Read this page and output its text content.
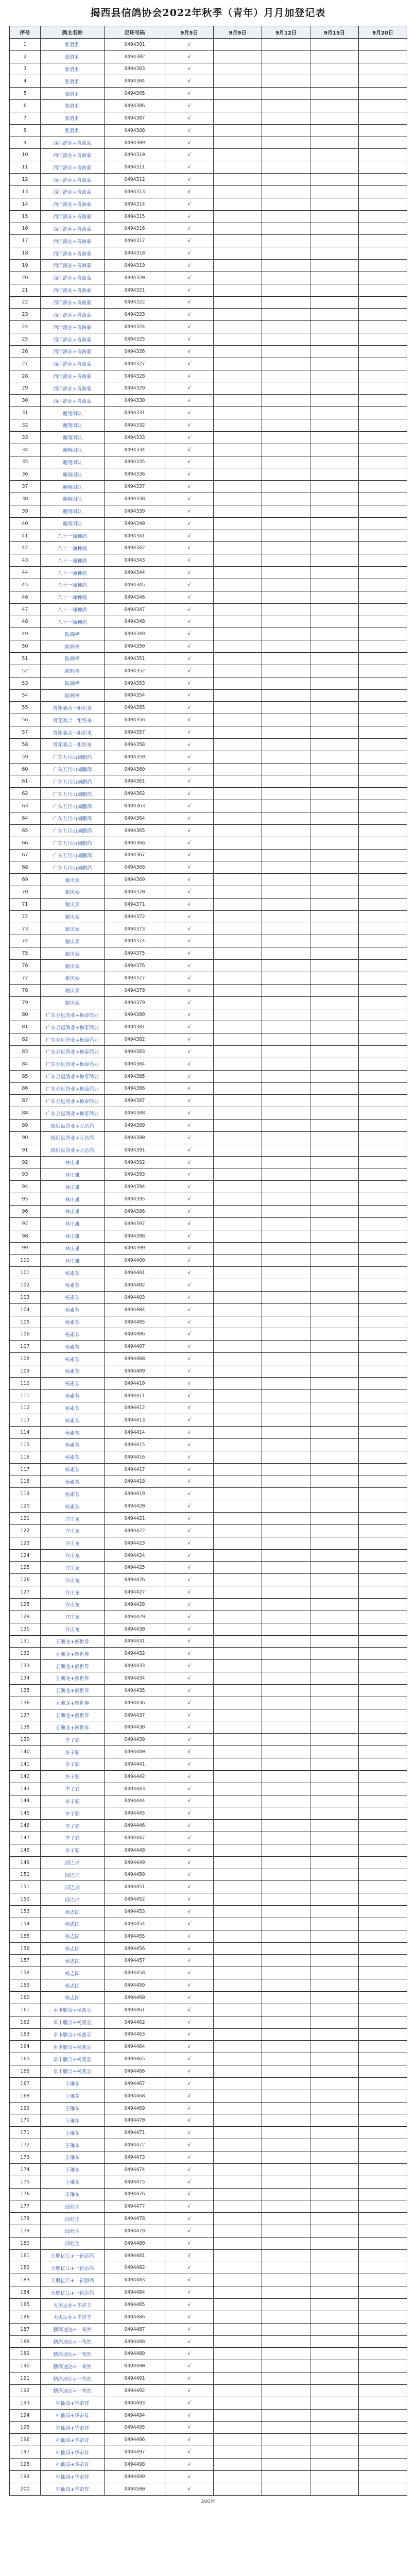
揭西县信鸽协会2022年秋季（青年）月月加登记表
序号	鸽主名称	足环号码	9月5日	9月9日	9月12日	9月15日	9月20日
1	张胜利	0494301	√				
2	张胜利	0494302	√				
3	张胜利	0494303	√				
4	张胜利	0494304	√				
5	张胜利	0494305	√				
6	张胜利	0494306	√				
7	张胜利	0494307	√				
8	张胜利	0494308	√				
9	西河鸽业+青海蒙	0494309	√				
10	西河鸽业+青海蒙	0494310	√				
11	西河鸽业+青海蒙	0494311	√				
12	西河鸽业+青海蒙	0494312	√				
13	西河鸽业+青海蒙	0494313	√				
14	西河鸽业+青海蒙	0494314	√				
15	西河鸽业+青海蒙	0494315	√				
16	西河鸽业+青海蒙	0494316	√				
17	西河鸽业+青海蒙	0494317	√				
18	西河鸽业+青海蒙	0494318	√				
19	西河鸽业+青海蒙	0494319	√				
20	西河鸽业+青海蒙	0494320	√				
21	西河鸽业+青海蒙	0494321	√				
22	西河鸽业+青海蒙	0494322	√				
23	西河鸽业+青海蒙	0494323	√				
24	西河鸽业+青海蒙	0494324	√				
25	西河鸽业+青海蒙	0494325	√				
26	西河鸽业+青海蒙	0494326	√				
27	西河鸽业+青海蒙	0494327	√				
28	西河鸽业+青海蒙	0494328	√				
29	西河鸽业+青海蒙	0494329	√				
30	西河鸽业+青海蒙	0494330	√				
31	翱翔团队	0494331	√				
32	翱翔团队	0494332	√				
33	翱翔团队	0494333	√				
34	翱翔团队	0494334	√				
35	翱翔团队	0494335	√				
36	翱翔团队	0494336	√				
37	翱翔团队	0494337	√				
38	翱翔团队	0494338	√				
39	翱翔团队	0494339	√				
40	翱翔团队	0494340	√				
41	八十一师种鸽	0494341	√				
42	八十一师种鸽	0494342	√				
43	八十一师种鸽	0494343	√				
44	八十一师种鸽	0494344	√				
45	八十一师种鸽	0494345	√				
46	八十一师种鸽	0494346	√				
47	八十一师种鸽	0494347	√				
48	八十一师种鸽	0494348	√				
49	陈辉栖	0494349	√				
50	陈辉栖	0494350	√				
51	陈辉栖	0494351	√				
52	陈辉栖	0494352	√				
53	陈辉栖	0494353	√				
54	陈辉栖	0494354	√				
55	赏翔赛合一组织来	0494355	√				
56	赏翔赛合一组织来	0494356	√				
57	赏翔赛合一组织来	0494357	√				
58	赏翔赛合一组织来	0494358	√				
59	广东五月山饲鹏鸽	0494359	√				
60	广东五月山饲鹏鸽	0494360	√				
61	广东五月山饲鹏鸽	0494361	√				
62	广东五月山饲鹏鸽	0494362	√				
63	广东五月山饲鹏鸽	0494363	√				
64	广东五月山饲鹏鸽	0494364	√				
65	广东五月山饲鹏鸽	0494365	√				
66	广东五月山饲鹏鸽	0494366	√				
67	广东五月山饲鹏鸽	0494367	√				
68	广东五月山饲鹏鸽	0494368	√				
69	谢庆泰	0494369	√				
70	谢庆泰	0494370	√				
71	谢庆泰	0494371	√				
72	谢庆泰	0494372	√				
73	谢庆泰	0494373	√				
74	谢庆泰	0494374	√				
75	谢庆泰	0494375	√				
76	谢庆泰	0494376	√				
77	谢庆泰	0494377	√				
78	谢庆泰	0494378	√				
79	谢庆泰	0494379	√				
80	广东金远鸽业+梅泰鸽业	0494380	√				
81	广东金远鸽业+梅泰鸽业	0494381	√				
82	广东金远鸽业+梅泰鸽业	0494382	√				
83	广东金远鸽业+梅泰鸽业	0494383	√				
84	广东金远鸽业+梅泰鸽业	0494384	√				
85	广东金远鸽业+梅泰鸽业	0494385	√				
86	广东金远鸽业+梅泰鸽业	0494386	√				
87	广东金远鸽业+梅泰鸽业	0494387	√				
88	广东金远鸽业+梅泰鸽业	0494388	√				
89	揭阳县鸽业+万达鸽	0494389	√				
90	揭阳县鸽业+万达鸽	0494390	√				
91	揭阳县鸽业+万达鸽	0494391	√				
92	林庄雄	0494392	√				
93	林庄雄	0494393	√				
94	林庄雄	0494394	√				
95	林庄雄	0494395	√				
96	林庄雄	0494396	√				
97	林庄雄	0494397	√				
98	林庄雄	0494398	√				
99	林庄雄	0494399	√				
100	林庄雄	0494400	√				
101	杨素芳	0494401	√				
102	杨素芳	0494402	√				
103	杨素芳	0494403	√				
104	杨素芳	0494404	√				
105	杨素芳	0494405	√				
106	杨素芳	0494406	√				
107	杨素芳	0494407	√				
108	杨素芳	0494408	√				
109	杨素芳	0494409	√				
110	杨素芳	0494410	√				
111	杨素芳	0494411	√				
112	杨素芳	0494412	√				
113	杨素芳	0494413	√				
114	杨素芳	0494414	√				
115	杨素芳	0494415	√				
116	杨素芳	0494416	√				
117	杨素芳	0494417	√				
118	杨素芳	0494418	√				
119	杨素芳	0494419	√				
120	杨素芳	0494420	√				
121	许庄龙	0494421	√				
122	许庄龙	0494422	√				
123	许庄龙	0494423	√				
124	许庄龙	0494424	√				
125	许庄龙	0494425	√				
126	许庄龙	0494426	√				
127	许庄龙	0494427	√				
128	许庄龙	0494428	√				
129	许庄龙	0494429	√				
130	许庄龙	0494430	√				
131	五洲龙+新世界	0494431	√				
132	五洲龙+新世界	0494432	√				
133	五洲龙+新世界	0494433	√				
134	五洲龙+新世界	0494434	√				
135	五洲龙+新世界	0494435	√				
136	五洲龙+新世界	0494436	√				
137	五洲龙+新世界	0494437	√				
138	五洲龙+新世界	0494438	√				
139	李子彩	0494439	√				
140	李子彩	0494440	√				
141	李子彩	0494441	√				
142	李子彩	0494442	√				
143	李子彩	0494443	√				
144	李子彩	0494444	√				
145	李子彩	0494445	√				
146	李子彩	0494446	√				
147	李子彩	0494447	√				
148	李子彩	0494448	√				
149	邱巴兴	0494449	√				
150	邱巴兴	0494450	√				
151	邱巴兴	0494451	√				
152	邱巴兴	0494452	√				
153	杨志国	0494453	√				
154	杨志国	0494454	√				
155	杨志国	0494455	√				
156	杨志国	0494456	√				
157	杨志国	0494457	√				
158	杨志国	0494458	√				
159	杨志国	0494459	√				
160	杨志国	0494460	√				
161	卓卡鹏合+杨凯羽	0494461	√				
162	卓卡鹏合+杨凯羽	0494462	√				
163	卓卡鹏合+杨凯羽	0494463	√				
164	卓卡鹏合+杨凯羽	0494464	√				
165	卓卡鹏合+杨凯羽	0494465	√				
166	卓卡鹏合+杨凯羽	0494466	√				
167	王琳东	0494467	√				
168	王琳东	0494468	√				
169	王琳东	0494469	√				
170	王琳东	0494470	√				
171	王琳东	0494471	√				
172	王琳东	0494472	√				
173	王琳东	0494473	√				
174	王琳东	0494474	√				
175	王琳东	0494475	√				
176	王琳东	0494476	√				
177	邱杜生	0494477	√				
178	邱杜生	0494478	√				
179	邱杜生	0494479	√				
180	邱杜生	0494480	√				
181	天鹏亿江+一新添鸽	0494481	√				
182	天鹏亿江+一新添鸽	0494482	√				
183	天鹏亿江+一新添鸽	0494483	√				
184	天鹏亿江+一新添鸽	0494484	√				
185	天美运业+华祥丰	0494485	√				
186	天美运业+华祥丰	0494486	√				
187	鹏鸽速达+一苟然	0494487	√				
188	鹏鸽速达+一苟然	0494488	√				
189	鹏鸽速达+一苟然	0494489	√				
190	鹏鸽速达+一苟然	0494490	√				
191	鹏鸽速达+一苟然	0494491	√				
192	鹏鸽速达+一苟然	0494492	√				
193	神仙园+华帝祥	0494493	√				
194	神仙园+华帝祥	0494494	√				
195	神仙园+华帝祥	0494495	√				
196	神仙园+华帝祥	0494496	√				
197	神仙园+华帝祥	0494497	√				
198	神仙园+华帝祥	0494498	√				
199	神仙园+华帝祥	0494499	√				
200	神仙园+华帝祥	0494500	√				
200羽
